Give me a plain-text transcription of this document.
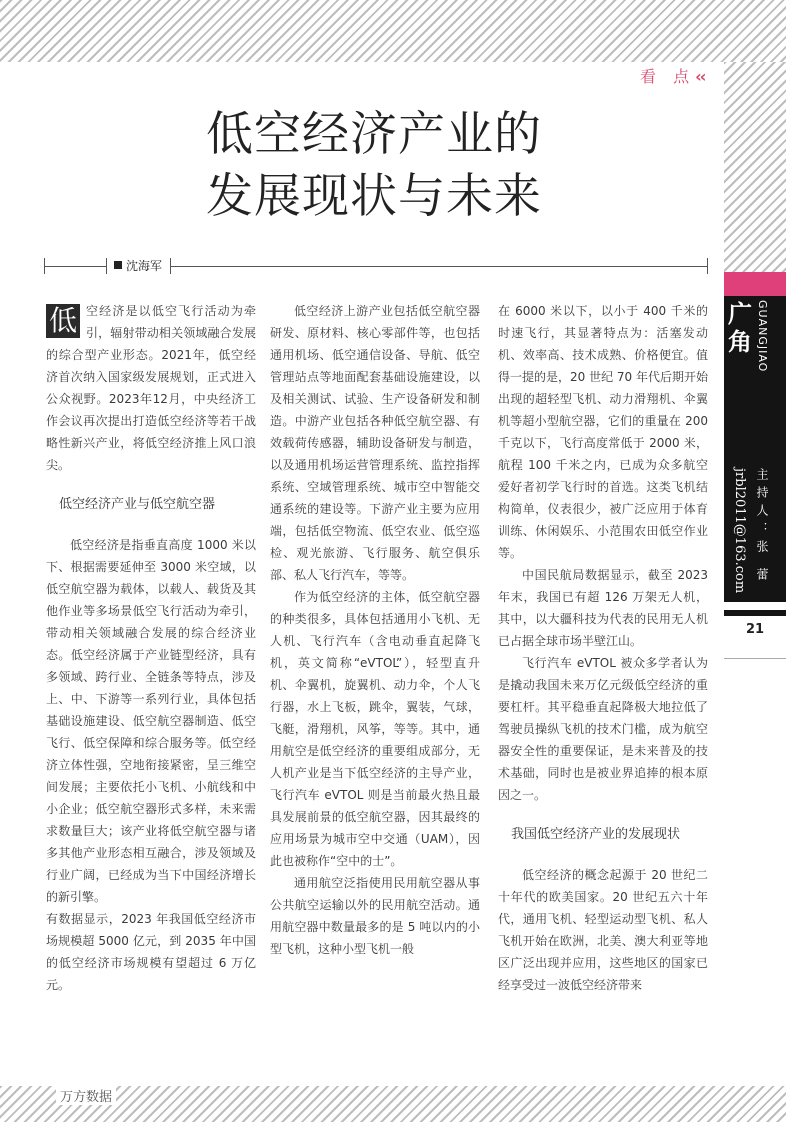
看 点‹‹
低空经济产业的
发展现状与未来
沈海军

低 空经济是以低空飞行活动为牵引，辐射带动相关领域融合发展的综合型产业形态。2021年，低空经济首次纳入国家级发展规划，正式进入公众视野。2023年12月，中央经济工作会议再次提出打造低空经济等若干战略性新兴产业，将低空经济推上风口浪尖。

低空经济产业与低空航空器

低空经济是指垂直高度 1000 米以下、根据需要延伸至 3000 米空域，以低空航空器为载体，以载人、载货及其他作业等多场景低空飞行活动为牵引，带动相关领域融合发展的综合经济业态。低空经济属于产业链型经济，具有多领域、跨行业、全链条等特点，涉及上、中、下游等一系列行业，具体包括基础设施建设、低空航空器制造、低空飞行、低空保障和综合服务等。低空经济立体性强，空地衔接紧密，呈三维空间发展；主要依托小飞机、小航线和中小企业；低空航空器形式多样，未来需求数量巨大；该产业将低空航空器与诸多其他产业形态相互融合，涉及领域及行业广阔，已经成为当下中国经济增长的新引擎。

有数据显示，2023 年我国低空经济市场规模超 5000 亿元，到 2035 年中国的低空经济市场规模有望超过 6 万亿元。

低空经济上游产业包括低空航空器研发、原材料、核心零部件等，也包括通用机场、低空通信设备、导航、低空管理站点等地面配套基础设施建设，以及相关测试、试验、生产设备研发和制造。中游产业包括各种低空航空器、有效载荷传感器，辅助设备研发与制造，以及通用机场运营管理系统、监控指挥系统、空域管理系统、城市空中智能交通系统的建设等。下游产业主要为应用端，包括低空物流、低空农业、低空巡检、观光旅游、飞行服务、航空俱乐部、私人飞行汽车，等等。

作为低空经济的主体，低空航空器的种类很多，具体包括通用小飞机、无人机、飞行汽车（含电动垂直起降飞机，英文简称“eVTOL”），轻型直升机、伞翼机，旋翼机、动力伞，个人飞行器，水上飞板，跳伞，翼装，气球，飞艇，滑翔机，风筝，等等。其中，通用航空是低空经济的重要组成部分，无人机产业是当下低空经济的主导产业，飞行汽车 eVTOL 则是当前最火热且最具发展前景的低空航空器，因其最终的应用场景为城市空中交通（UAM），因此也被称作“空中的士”。

通用航空泛指使用民用航空器从事公共航空运输以外的民用航空活动。通用航空器中数量最多的是 5 吨以内的小型飞机，这种小型飞机一般

在 6000 米以下，以小于 400 千米的时速飞行，其显著特点为：活塞发动机、效率高、技术成熟、价格便宜。值得一提的是，20 世纪 70 年代后期开始出现的超轻型飞机、动力滑翔机、伞翼机等超小型航空器，它们的重量在 200 千克以下，飞行高度常低于 2000 米，航程 100 千米之内，已成为众多航空爱好者初学飞行时的首选。这类飞机结构简单，仪表很少，被广泛应用于体育训练、休闲娱乐、小范围农田低空作业等。

中国民航局数据显示，截至 2023 年末，我国已有超 126 万架无人机，其中，以大疆科技为代表的民用无人机已占据全球市场半壁江山。

飞行汽车 eVTOL 被众多学者认为是撬动我国未来万亿元级低空经济的重要杠杆。其平稳垂直起降极大地拉低了驾驶员操纵飞机的技术门槛，成为航空器安全性的重要保证，是未来普及的技术基础，同时也是被业界追捧的根本原因之一。

我国低空经济产业的发展现状

低空经济的概念起源于 20 世纪二十年代的欧美国家。20 世纪五六十年代，通用飞机、轻型运动型飞机、私人飞机开始在欧洲，北美、澳大利亚等地区广泛出现并应用，这些地区的国家已经享受过一波低空经济带来

广角 GUANGJIAO
主持人：张 蕾
jrbl2011@163.com
21
万方数据
